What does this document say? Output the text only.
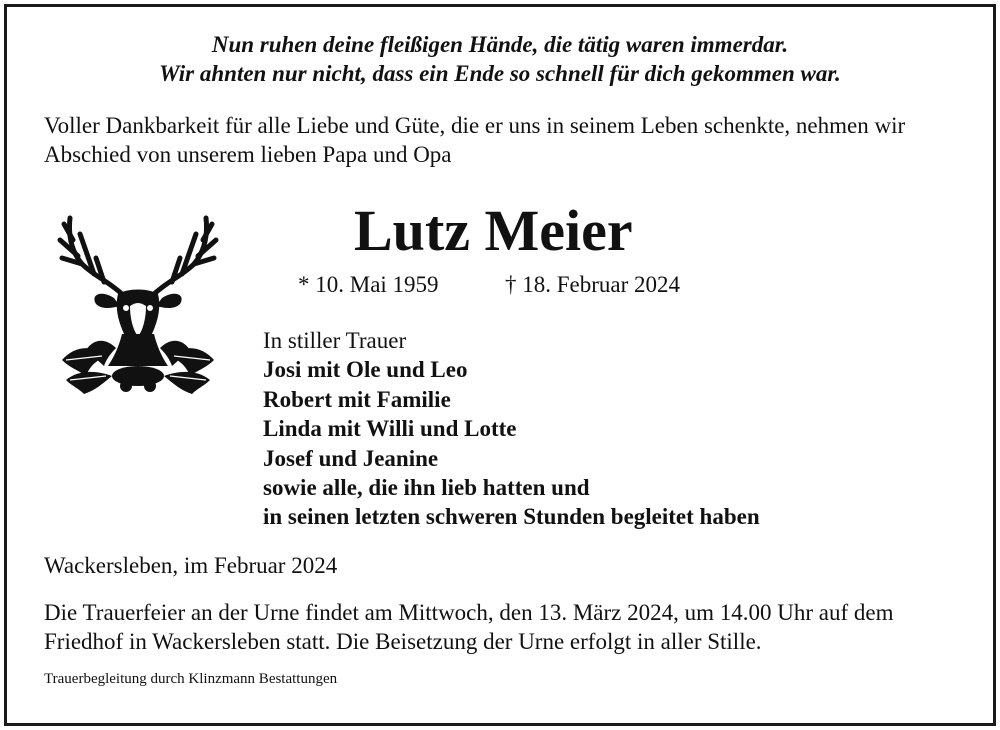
Nun ruhen deine fleißigen Hände, die tätig waren immerdar.
Wir ahnten nur nicht, dass ein Ende so schnell für dich gekommen war.
Voller Dankbarkeit für alle Liebe und Güte, die er uns in seinem Leben schenkte, nehmen wir Abschied von unserem lieben Papa und Opa
Lutz Meier
* 10. Mai 1959	† 18. Februar 2024
In stiller Trauer
Josi mit Ole und Leo
Robert mit Familie
Linda mit Willi und Lotte
Josef und Jeanine
sowie alle, die ihn lieb hatten und
in seinen letzten schweren Stunden begleitet haben
Wackersleben, im Februar 2024
Die Trauerfeier an der Urne findet am Mittwoch, den 13. März 2024, um 14.00 Uhr auf dem Friedhof in Wackersleben statt. Die Beisetzung der Urne erfolgt in aller Stille.
Trauerbegleitung durch Klinzmann Bestattungen
